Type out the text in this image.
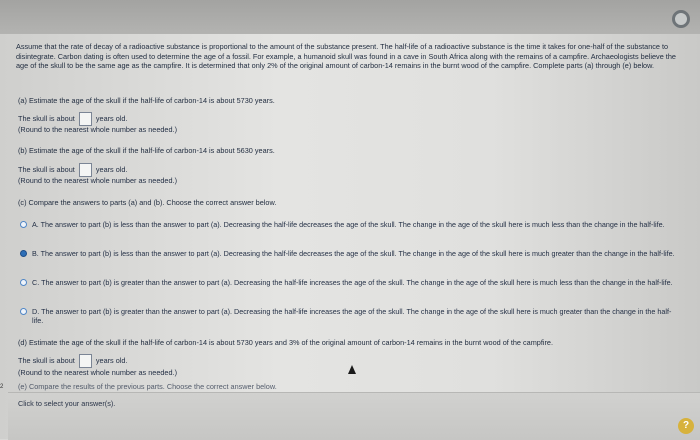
Assume that the rate of decay of a radioactive substance is proportional to the amount of the substance present. The half-life of a radioactive substance is the time it takes for one-half of the substance to disintegrate. Carbon dating is often used to determine the age of a fossil. For example, a humanoid skull was found in a cave in South Africa along with the remains of a campfire. Archaeologists believe the age of the skull to be the same age as the campfire. It is determined that only 2% of the original amount of carbon-14 remains in the burnt wood of the campfire. Complete parts (a) through (e) below.
(a) Estimate the age of the skull if the half-life of carbon-14 is about 5730 years.
The skull is about	years old.
(Round to the nearest whole number as needed.)
(b) Estimate the age of the skull if the half-life of carbon-14 is about 5630 years.
The skull is about	years old.
(Round to the nearest whole number as needed.)
(c) Compare the answers to parts (a) and (b). Choose the correct answer below.
A. The answer to part (b) is less than the answer to part (a). Decreasing the half-life decreases the age of the skull. The change in the age of the skull here is much less than the change in the half-life.
B. The answer to part (b) is less than the answer to part (a). Decreasing the half-life decreases the age of the skull. The change in the age of the skull here is much greater than the change in the half-life.
C. The answer to part (b) is greater than the answer to part (a). Decreasing the half-life increases the age of the skull. The change in the age of the skull here is much less than the change in the half-life.
D. The answer to part (b) is greater than the answer to part (a). Decreasing the half-life increases the age of the skull. The change in the age of the skull here is much greater than the change in the half-life.
(d) Estimate the age of the skull if the half-life of carbon-14 is about 5730 years and 3% of the original amount of carbon-14 remains in the burnt wood of the campfire.
The skull is about	years old.
(Round to the nearest whole number as needed.)
(e) Compare the results of the previous parts. Choose the correct answer below.
2
Click to select your answer(s).
?
